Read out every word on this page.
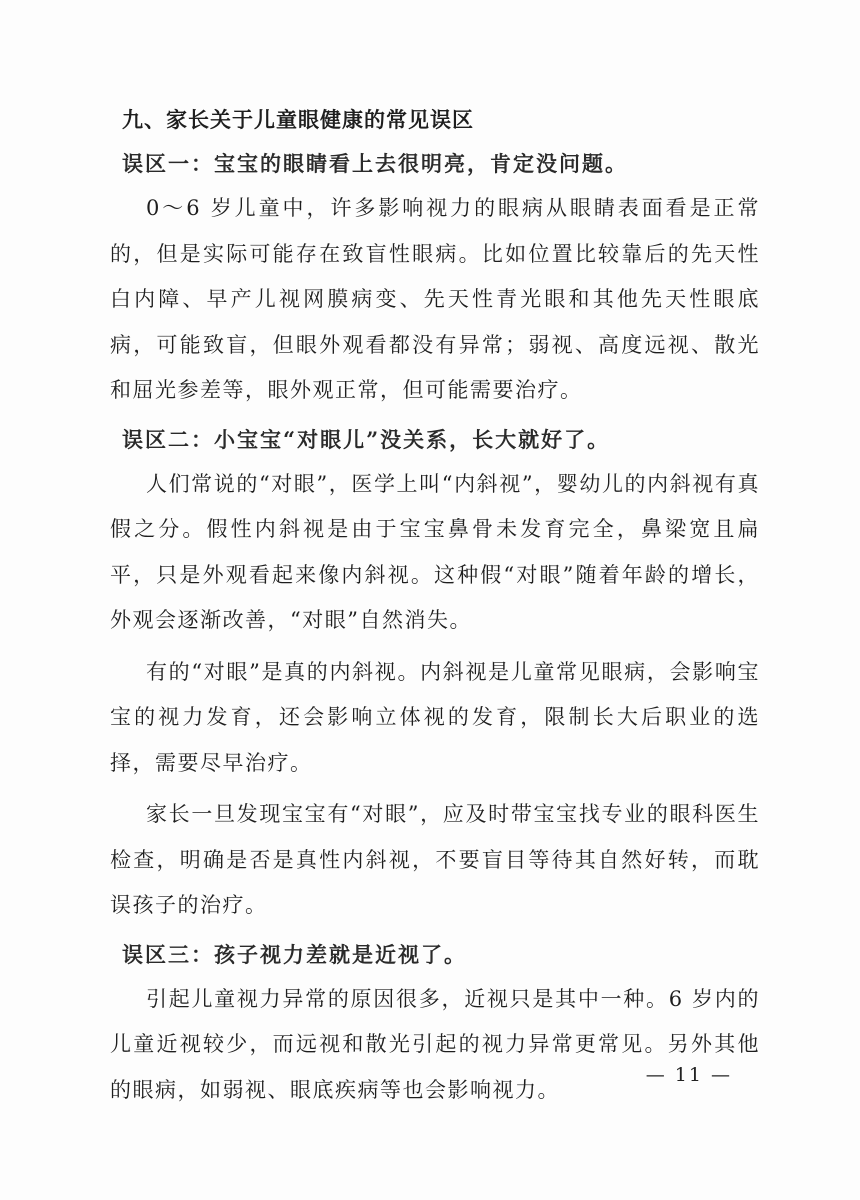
九、家长关于儿童眼健康的常见误区

误区一：宝宝的眼睛看上去很明亮，肯定没问题。

0～6 岁儿童中，许多影响视力的眼病从眼睛表面看是正常的，但是实际可能存在致盲性眼病。比如位置比较靠后的先天性白内障、早产儿视网膜病变、先天性青光眼和其他先天性眼底病，可能致盲，但眼外观看都没有异常；弱视、高度远视、散光和屈光参差等，眼外观正常，但可能需要治疗。

误区二：小宝宝“对眼儿”没关系，长大就好了。

人们常说的“对眼”，医学上叫“内斜视”，婴幼儿的内斜视有真假之分。假性内斜视是由于宝宝鼻骨未发育完全，鼻梁宽且扁平，只是外观看起来像内斜视。这种假“对眼”随着年龄的增长，外观会逐渐改善，“对眼”自然消失。

有的“对眼”是真的内斜视。内斜视是儿童常见眼病，会影响宝宝的视力发育，还会影响立体视的发育，限制长大后职业的选择，需要尽早治疗。

家长一旦发现宝宝有“对眼”，应及时带宝宝找专业的眼科医生检查，明确是否是真性内斜视，不要盲目等待其自然好转，而耽误孩子的治疗。

误区三：孩子视力差就是近视了。

引起儿童视力异常的原因很多，近视只是其中一种。6 岁内的儿童近视较少，而远视和散光引起的视力异常更常见。另外其他的眼病，如弱视、眼底疾病等也会影响视力。

— 11 —
